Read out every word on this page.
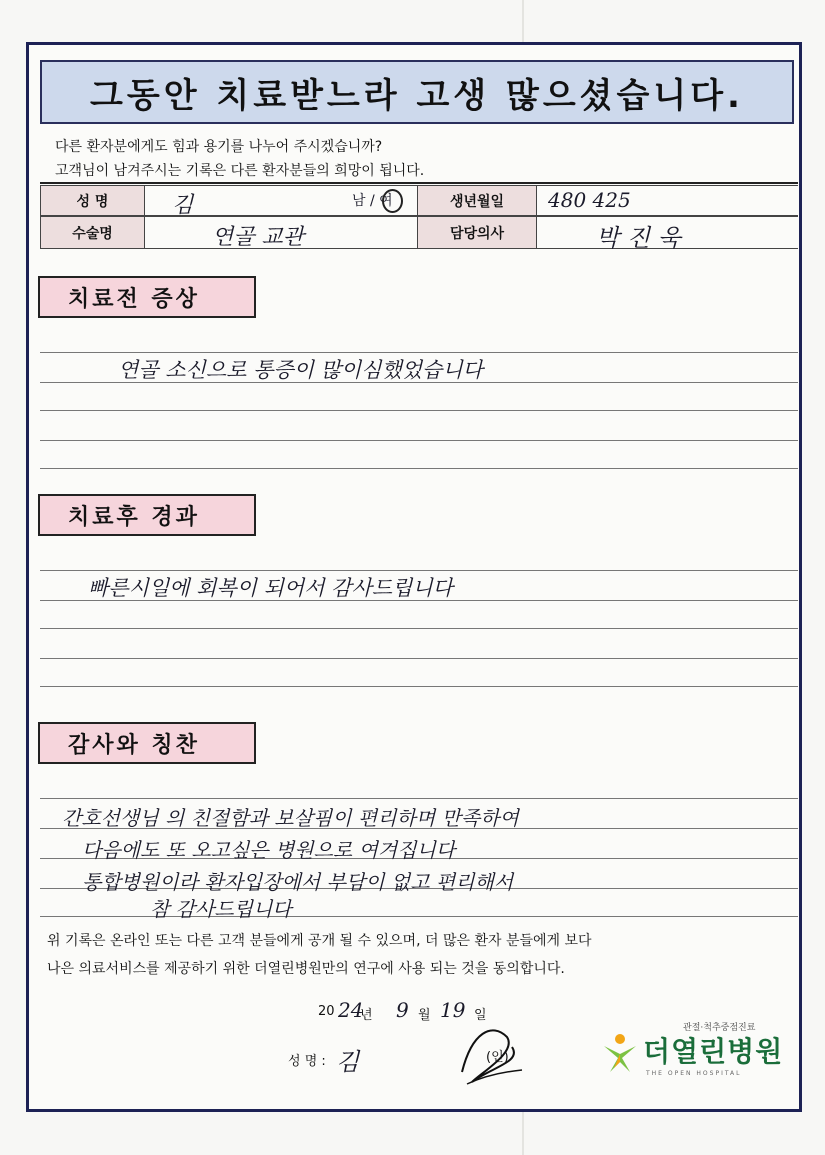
그동안 치료받느라 고생 많으셨습니다.
다른 환자분에게도 힘과 용기를 나누어 주시겠습니까?
고객님이 남겨주시는 기록은 다른 환자분들의 희망이 됩니다.
성 명	김	남 / 여	생년월일	480 425
수술명	연골 교관	담당의사	박 진 욱
치료전 증상
연골 소신으로 통증이 많이심했었습니다
치료후 경과
빠른시일에 회복이 되어서 감사드립니다
감사와 칭찬
간호선생님 의 친절함과 보살핌이 편리하며 만족하여
다음에도 또 오고싶은 병원으로 여겨집니다
통합병원이라 환자입장에서 부담이 없고 편리해서
참 감사드립니다
위 기록은 온라인 또는 다른 고객 분들에게 공개 될 수 있으며, 더 많은 환자 분들에게 보다
나은 의료서비스를 제공하기 위한 더열린병원만의 연구에 사용 되는 것을 동의합니다.
20 24
년 9 월 19 일
성 명 : 김	(인)
관절·척추중점진료
더열린병원
THE OPEN HOSPITAL
